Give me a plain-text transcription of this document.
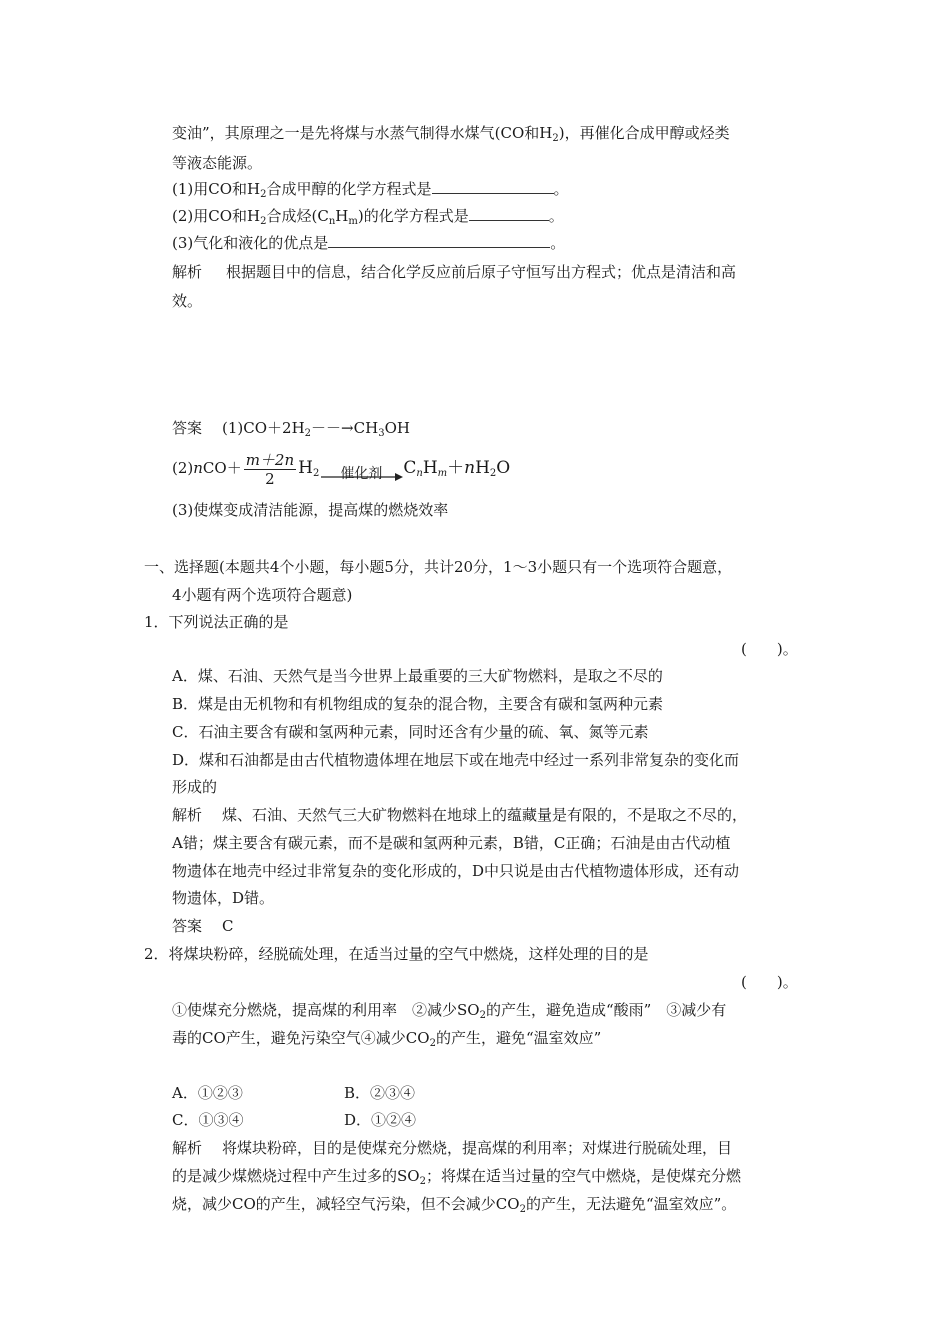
变油”，其原理之一是先将煤与水蒸气制得水煤气(CO和$H_2$)，再催化合成甲醇或烃类
等液态能源。
(1)用CO和$H_2$合成甲醇的化学方程式是	。
(2)用CO和$H_2$合成烃$(C_nH_m)$的化学方程式是	。
(3)气化和液化的优点是	。
解析 根据题目中的信息，结合化学反应前后原子守恒写出方程式；优点是清洁和高
效。
答案 $(1)CO+2H_2--\to CH_3OH$
$(2)nCO+ \frac{m+2n}{2} H_2$	催化剂	$C_nH_m+nH_2O$
(3)使煤变成清洁能源，提高煤的燃烧效率
一、选择题(本题共4个小题，每小题5分，共计20分，1～3小题只有一个选项符合题意，
4小题有两个选项符合题意)
1．下列说法正确的是
(　　)。
A．煤、石油、天然气是当今世界上最重要的三大矿物燃料，是取之不尽的
B．煤是由无机物和有机物组成的复杂的混合物，主要含有碳和氢两种元素
C．石油主要含有碳和氢两种元素，同时还含有少量的硫、氧、氮等元素
D．煤和石油都是由古代植物遗体埋在地层下或在地壳中经过一系列非常复杂的变化而
形成的
解析 煤、石油、天然气三大矿物燃料在地球上的蕴藏量是有限的，不是取之不尽的，
A错；煤主要含有碳元素，而不是碳和氢两种元素，B错，C正确；石油是由古代动植
物遗体在地壳中经过非常复杂的变化形成的，D中只说是由古代植物遗体形成，还有动
物遗体，D错。
答案 C
2．将煤块粉碎，经脱硫处理，在适当过量的空气中燃烧，这样处理的目的是
(　　)。
①使煤充分燃烧，提高煤的利用率　②减少$SO_2$的产生，避免造成“酸雨”　③减少有
毒的CO产生，避免污染空气④减少$CO_2$的产生，避免“温室效应”
A．①②③	B．②③④
C．①③④	D．①②④
解析 将煤块粉碎，目的是使煤充分燃烧，提高煤的利用率；对煤进行脱硫处理，目
的是减少煤燃烧过程中产生过多的$SO_2$；将煤在适当过量的空气中燃烧，是使煤充分燃
烧，减少CO的产生，减轻空气污染，但不会减少$CO_2$的产生，无法避免“温室效应”。
